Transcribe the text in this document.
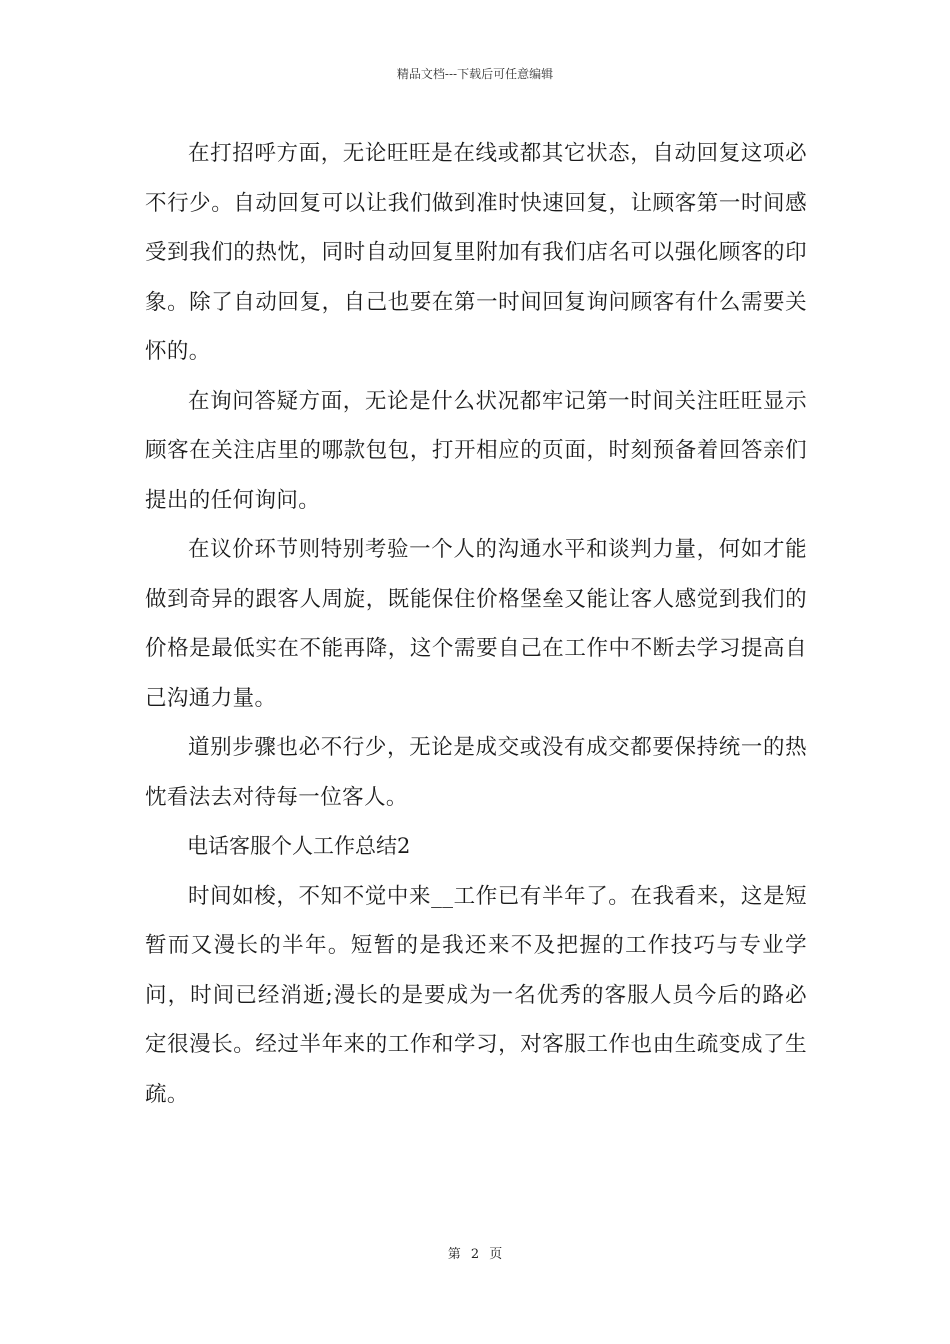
精品文档---下载后可任意编辑

在打招呼方面，无论旺旺是在线或都其它状态，自动回复这项必不行少。自动回复可以让我们做到准时快速回复，让顾客第一时间感受到我们的热忱，同时自动回复里附加有我们店名可以强化顾客的印象。除了自动回复，自己也要在第一时间回复询问顾客有什么需要关怀的。

在询问答疑方面，无论是什么状况都牢记第一时间关注旺旺显示顾客在关注店里的哪款包包，打开相应的页面，时刻预备着回答亲们提出的任何询问。

在议价环节则特别考验一个人的沟通水平和谈判力量，何如才能做到奇异的跟客人周旋，既能保住价格堡垒又能让客人感觉到我们的价格是最低实在不能再降，这个需要自己在工作中不断去学习提高自己沟通力量。

道别步骤也必不行少，无论是成交或没有成交都要保持统一的热忱看法去对待每一位客人。

电话客服个人工作总结2

时间如梭，不知不觉中来__工作已有半年了。在我看来，这是短暂而又漫长的半年。短暂的是我还来不及把握的工作技巧与专业学问，时间已经消逝;漫长的是要成为一名优秀的客服人员今后的路必定很漫长。经过半年来的工作和学习，对客服工作也由生疏变成了生疏。

第 2 页
